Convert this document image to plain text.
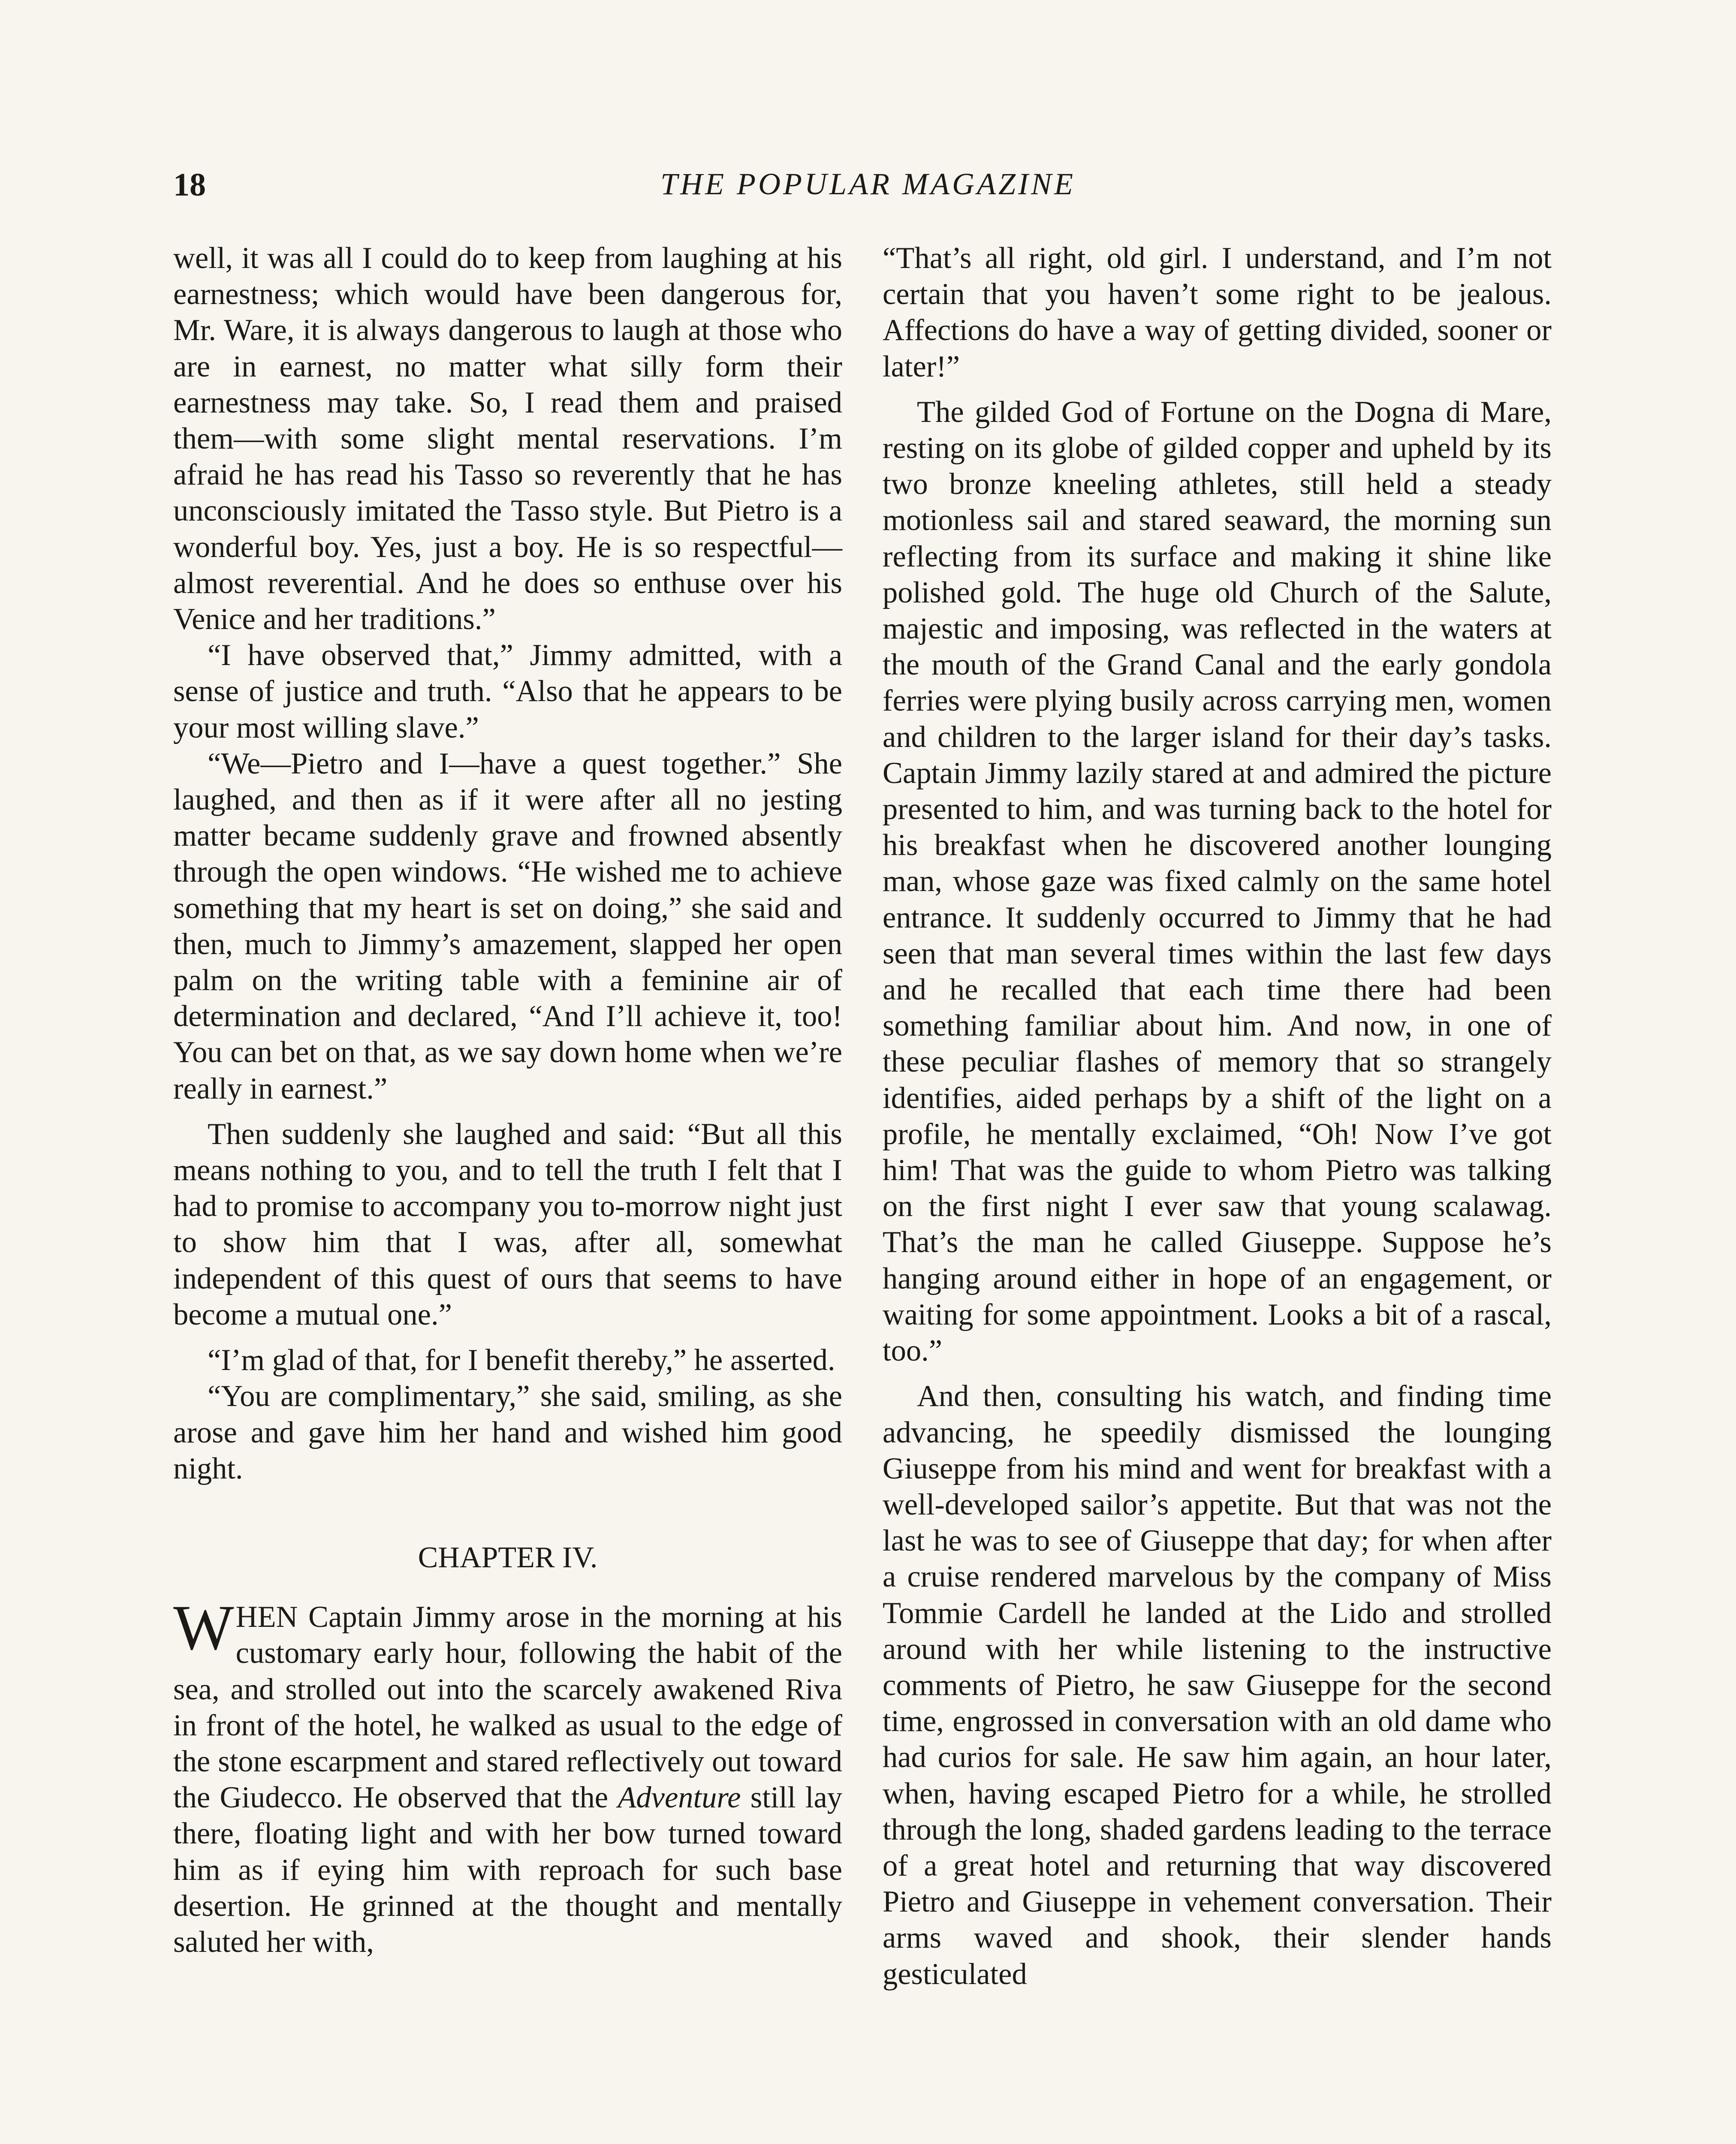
18	THE POPULAR MAGAZINE

well, it was all I could do to keep from laughing at his earnestness; which would have been dangerous for, Mr. Ware, it is always dangerous to laugh at those who are in earnest, no matter what silly form their earnestness may take. So, I read them and praised them—with some slight mental reservations. I’m afraid he has read his Tasso so reverently that he has unconsciously imitated the Tasso style. But Pietro is a wonderful boy. Yes, just a boy. He is so respectful—almost reverential. And he does so enthuse over his Venice and her traditions.”

“I have observed that,” Jimmy admitted, with a sense of justice and truth. “Also that he appears to be your most willing slave.”

“We—Pietro and I—have a quest together.” She laughed, and then as if it were after all no jesting matter became suddenly grave and frowned absently through the open windows. “He wished me to achieve something that my heart is set on doing,” she said and then, much to Jimmy’s amazement, slapped her open palm on the writing table with a feminine air of determination and declared, “And I’ll achieve it, too! You can bet on that, as we say down home when we’re really in earnest.”

Then suddenly she laughed and said: “But all this means nothing to you, and to tell the truth I felt that I had to promise to accompany you to-morrow night just to show him that I was, after all, somewhat independent of this quest of ours that seems to have become a mutual one.”

“I’m glad of that, for I benefit thereby,” he asserted.

“You are complimentary,” she said, smiling, as she arose and gave him her hand and wished him good night.

CHAPTER IV.

WHEN Captain Jimmy arose in the morning at his customary early hour, following the habit of the sea, and strolled out into the scarcely awakened Riva in front of the hotel, he walked as usual to the edge of the stone escarpment and stared reflectively out toward the Giudecco. He observed that the Adventure still lay there, floating light and with her bow turned toward him as if eying him with reproach for such base desertion. He grinned at the thought and mentally saluted her with,

“That’s all right, old girl. I understand, and I’m not certain that you haven’t some right to be jealous. Affections do have a way of getting divided, sooner or later!”

The gilded God of Fortune on the Dogna di Mare, resting on its globe of gilded copper and upheld by its two bronze kneeling athletes, still held a steady motionless sail and stared seaward, the morning sun reflecting from its surface and making it shine like polished gold. The huge old Church of the Salute, majestic and imposing, was reflected in the waters at the mouth of the Grand Canal and the early gondola ferries were plying busily across carrying men, women and children to the larger island for their day’s tasks. Captain Jimmy lazily stared at and admired the picture presented to him, and was turning back to the hotel for his breakfast when he discovered another lounging man, whose gaze was fixed calmly on the same hotel entrance. It suddenly occurred to Jimmy that he had seen that man several times within the last few days and he recalled that each time there had been something familiar about him. And now, in one of these peculiar flashes of memory that so strangely identifies, aided perhaps by a shift of the light on a profile, he mentally exclaimed, “Oh! Now I’ve got him! That was the guide to whom Pietro was talking on the first night I ever saw that young scalawag. That’s the man he called Giuseppe. Suppose he’s hanging around either in hope of an engagement, or waiting for some appointment. Looks a bit of a rascal, too.”

And then, consulting his watch, and finding time advancing, he speedily dismissed the lounging Giuseppe from his mind and went for breakfast with a well-developed sailor’s appetite. But that was not the last he was to see of Giuseppe that day; for when after a cruise rendered marvelous by the company of Miss Tommie Cardell he landed at the Lido and strolled around with her while listening to the instructive comments of Pietro, he saw Giuseppe for the second time, engrossed in conversation with an old dame who had curios for sale. He saw him again, an hour later, when, having escaped Pietro for a while, he strolled through the long, shaded gardens leading to the terrace of a great hotel and returning that way discovered Pietro and Giuseppe in vehement conversation. Their arms waved and shook, their slender hands gesticulated
